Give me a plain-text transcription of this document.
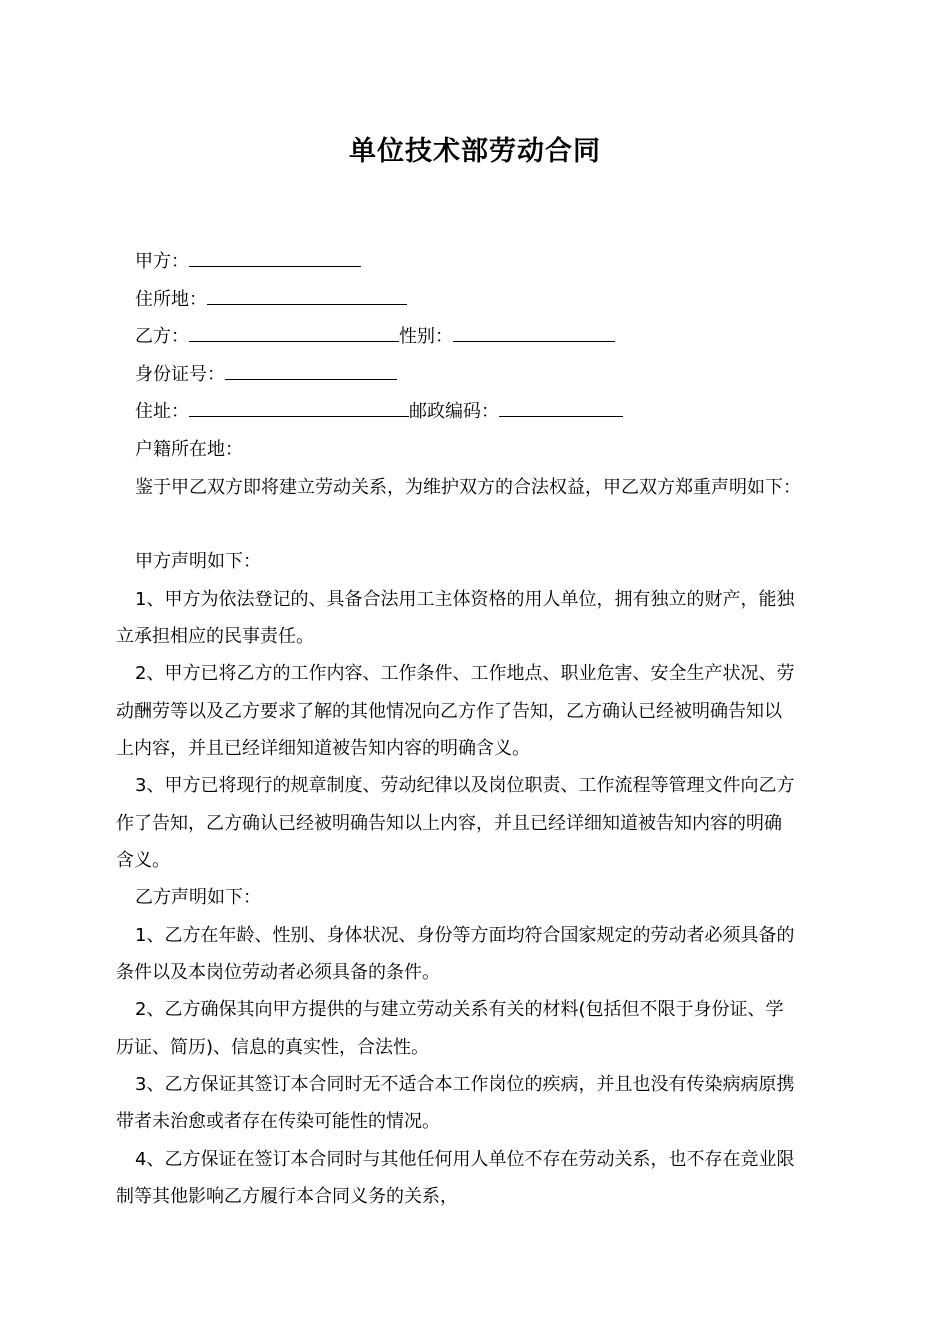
单位技术部劳动合同

甲方：

住所地：

乙方：	性别：

身份证号：

住址：	邮政编码：

户籍所在地：

鉴于甲乙双方即将建立劳动关系，为维护双方的合法权益，甲乙双方郑重声明如下：

甲方声明如下：

1、甲方为依法登记的、具备合法用工主体资格的用人单位，拥有独立的财产，能独

立承担相应的民事责任。

2、甲方已将乙方的工作内容、工作条件、工作地点、职业危害、安全生产状况、劳

动酬劳等以及乙方要求了解的其他情况向乙方作了告知，乙方确认已经被明确告知以

上内容，并且已经详细知道被告知内容的明确含义。

3、甲方已将现行的规章制度、劳动纪律以及岗位职责、工作流程等管理文件向乙方

作了告知，乙方确认已经被明确告知以上内容，并且已经详细知道被告知内容的明确

含义。

乙方声明如下：

1、乙方在年龄、性别、身体状况、身份等方面均符合国家规定的劳动者必须具备的

条件以及本岗位劳动者必须具备的条件。

2、乙方确保其向甲方提供的与建立劳动关系有关的材料(包括但不限于身份证、学

历证、简历)、信息的真实性，合法性。

3、乙方保证其签订本合同时无不适合本工作岗位的疾病，并且也没有传染病病原携

带者未治愈或者存在传染可能性的情况。

4、乙方保证在签订本合同时与其他任何用人单位不存在劳动关系，也不存在竞业限

制等其他影响乙方履行本合同义务的关系，
